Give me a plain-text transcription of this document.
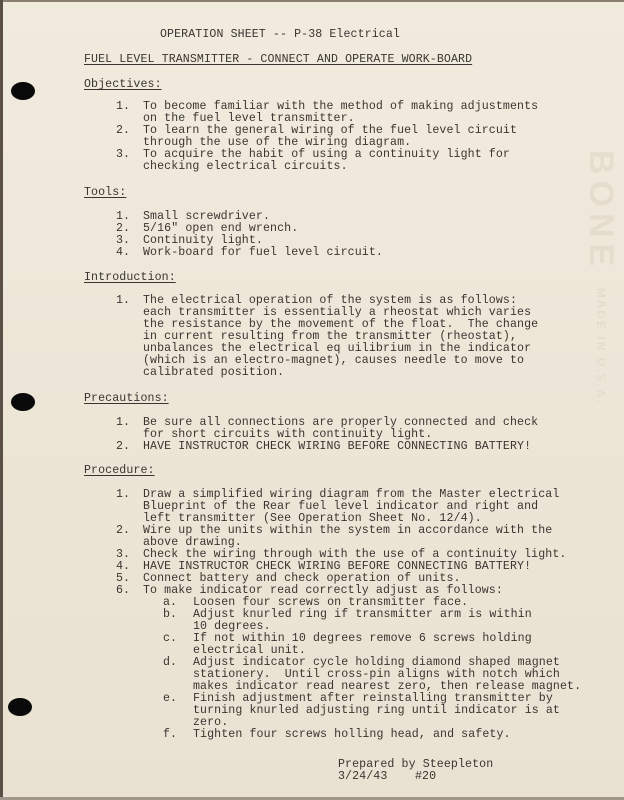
BONE MADE IN U.S.A.
OPERATION SHEET -- P-38 Electrical
FUEL LEVEL TRANSMITTER - CONNECT AND OPERATE WORK-BOARD
Objectives:
1. To become familiar with the method of making adjustments
on the fuel level transmitter.
2. To learn the general wiring of the fuel level circuit
through the use of the wiring diagram.
3. To acquire the habit of using a continuity light for
checking electrical circuits.
Tools:
1. Small screwdriver.
2. 5/16" open end wrench.
3. Continuity light.
4. Work-board for fuel level circuit.
Introduction:
1. The electrical operation of the system is as follows:
each transmitter is essentially a rheostat which varies
the resistance by the movement of the float.  The change
in current resulting from the transmitter (rheostat),
unbalances the electrical eq uilibrium in the indicator
(which is an electro-magnet), causes needle to move to
calibrated position.
Precautions:
1. Be sure all connections are properly connected and check
for short circuits with continuity light.
2. HAVE INSTRUCTOR CHECK WIRING BEFORE CONNECTING BATTERY!
Procedure:
1. Draw a simplified wiring diagram from the Master electrical
Blueprint of the Rear fuel level indicator and right and
left transmitter (See Operation Sheet No. 12/4).
2. Wire up the units within the system in accordance with the
above drawing.
3. Check the wiring through with the use of a continuity light.
4. HAVE INSTRUCTOR CHECK WIRING BEFORE CONNECTING BATTERY!
5. Connect battery and check operation of units.
6. To make indicator read correctly adjust as follows:
a. Loosen four screws on transmitter face.
b. Adjust knurled ring if transmitter arm is within
10 degrees.
c. If not within 10 degrees remove 6 screws holding
electrical unit.
d. Adjust indicator cycle holding diamond shaped magnet
stationery.  Until cross-pin aligns with notch which
makes indicator read nearest zero, then release magnet.
e. Finish adjustment after reinstalling transmitter by
turning knurled adjusting ring until indicator is at
zero.
f. Tighten four screws holling head, and safety.
Prepared by Steepleton
3/24/43 #20
